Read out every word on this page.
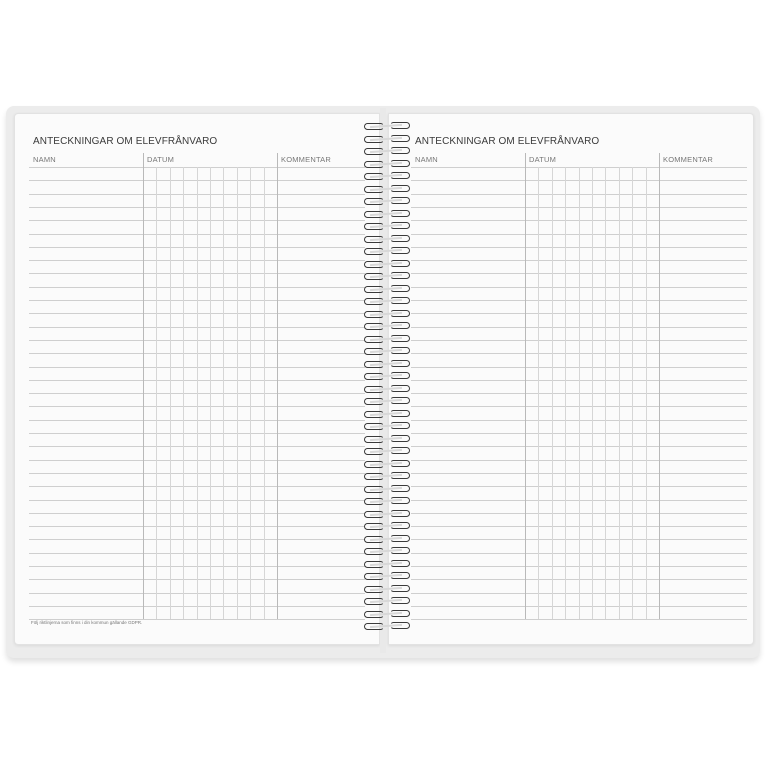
ANTECKNINGAR OM ELEVFRÅNVARO
NAMN	DATUM	KOMMENTAR
Följ riktlinjerna som finns i din kommun gällande GDPR.
ANTECKNINGAR OM ELEVFRÅNVARO
NAMN	DATUM	KOMMENTAR
